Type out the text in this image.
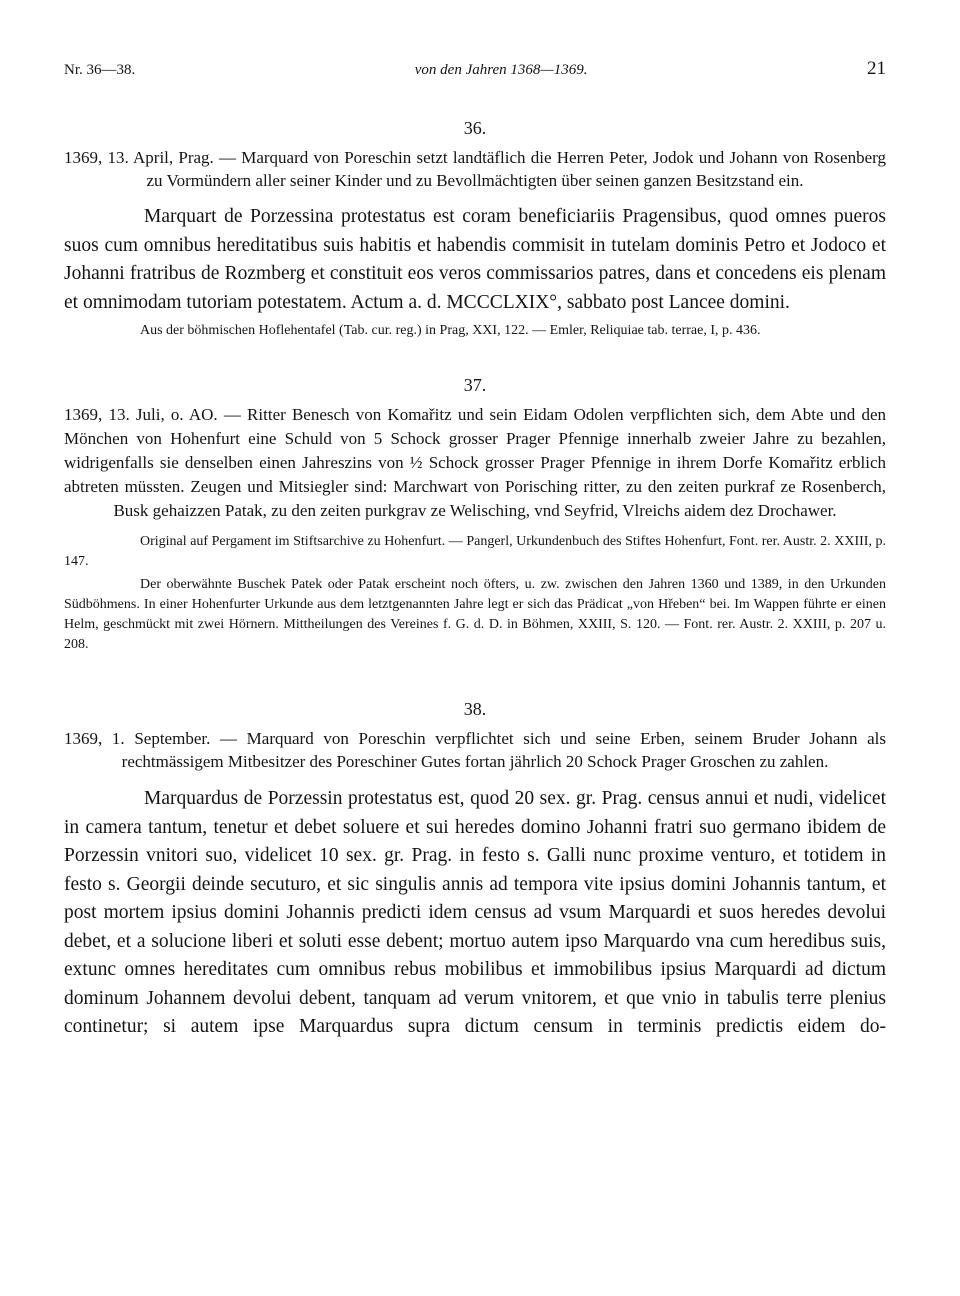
Nr. 36—38.	von den Jahren 1368—1369.	21

36.

1369, 13. April, Prag. — Marquard von Poreschin setzt landtäflich die Herren Peter, Jodok und Johann von Rosenberg zu Vormündern aller seiner Kinder und zu Bevollmächtigten über seinen ganzen Besitzstand ein.

Marquart de Porzessina protestatus est coram beneficiariis Pragensibus, quod omnes pueros suos cum omnibus hereditatibus suis habitis et habendis commisit in tutelam dominis Petro et Jodoco et Johanni fratribus de Rozmberg et constituit eos veros commissarios patres, dans et concedens eis plenam et omnimodam tutoriam potestatem. Actum a. d. MCCCLXIX°, sabbato post Lancee domini.

Aus der böhmischen Hoflehentafel (Tab. cur. reg.) in Prag, XXI, 122. — Emler, Reliquiae tab. terrae, I, p. 436.

37.

1369, 13. Juli, o. AO. — Ritter Benesch von Komařitz und sein Eidam Odolen verpflichten sich, dem Abte und den Mönchen von Hohenfurt eine Schuld von 5 Schock grosser Prager Pfennige innerhalb zweier Jahre zu bezahlen, widrigenfalls sie denselben einen Jahreszins von ½ Schock grosser Prager Pfennige in ihrem Dorfe Komařitz erblich abtreten müssten. Zeugen und Mitsiegler sind: Marchwart von Porisching ritter, zu den zeiten purkraf ze Rosenberch, Busk gehaizzen Patak, zu den zeiten purkgrav ze Welisching, vnd Seyfrid, Vlreichs aidem dez Drochawer.

Original auf Pergament im Stiftsarchive zu Hohenfurt. — Pangerl, Urkundenbuch des Stiftes Hohenfurt, Font. rer. Austr. 2. XXIII, p. 147.

Der oberwähnte Buschek Patek oder Patak erscheint noch öfters, u. zw. zwischen den Jahren 1360 und 1389, in den Urkunden Südböhmens. In einer Hohenfurter Urkunde aus dem letztgenannten Jahre legt er sich das Prädicat „von Hřeben“ bei. Im Wappen führte er einen Helm, geschmückt mit zwei Hörnern. Mittheilungen des Vereines f. G. d. D. in Böhmen, XXIII, S. 120. — Font. rer. Austr. 2. XXIII, p. 207 u. 208.

38.

1369, 1. September. — Marquard von Poreschin verpflichtet sich und seine Erben, seinem Bruder Johann als rechtmässigem Mitbesitzer des Poreschiner Gutes fortan jährlich 20 Schock Prager Groschen zu zahlen.

Marquardus de Porzessin protestatus est, quod 20 sex. gr. Prag. census annui et nudi, videlicet in camera tantum, tenetur et debet soluere et sui heredes domino Johanni fratri suo germano ibidem de Porzessin vnitori suo, videlicet 10 sex. gr. Prag. in festo s. Galli nunc proxime venturo, et totidem in festo s. Georgii deinde secuturo, et sic singulis annis ad tempora vite ipsius domini Johannis tantum, et post mortem ipsius domini Johannis predicti idem census ad vsum Marquardi et suos heredes devolui debet, et a solucione liberi et soluti esse debent; mortuo autem ipso Marquardo vna cum heredibus suis, extunc omnes hereditates cum omnibus rebus mobilibus et immobilibus ipsius Marquardi ad dictum dominum Johannem devolui debent, tanquam ad verum vnitorem, et que vnio in tabulis terre plenius continetur; si autem ipse Marquardus supra dictum censum in terminis predictis eidem do-
